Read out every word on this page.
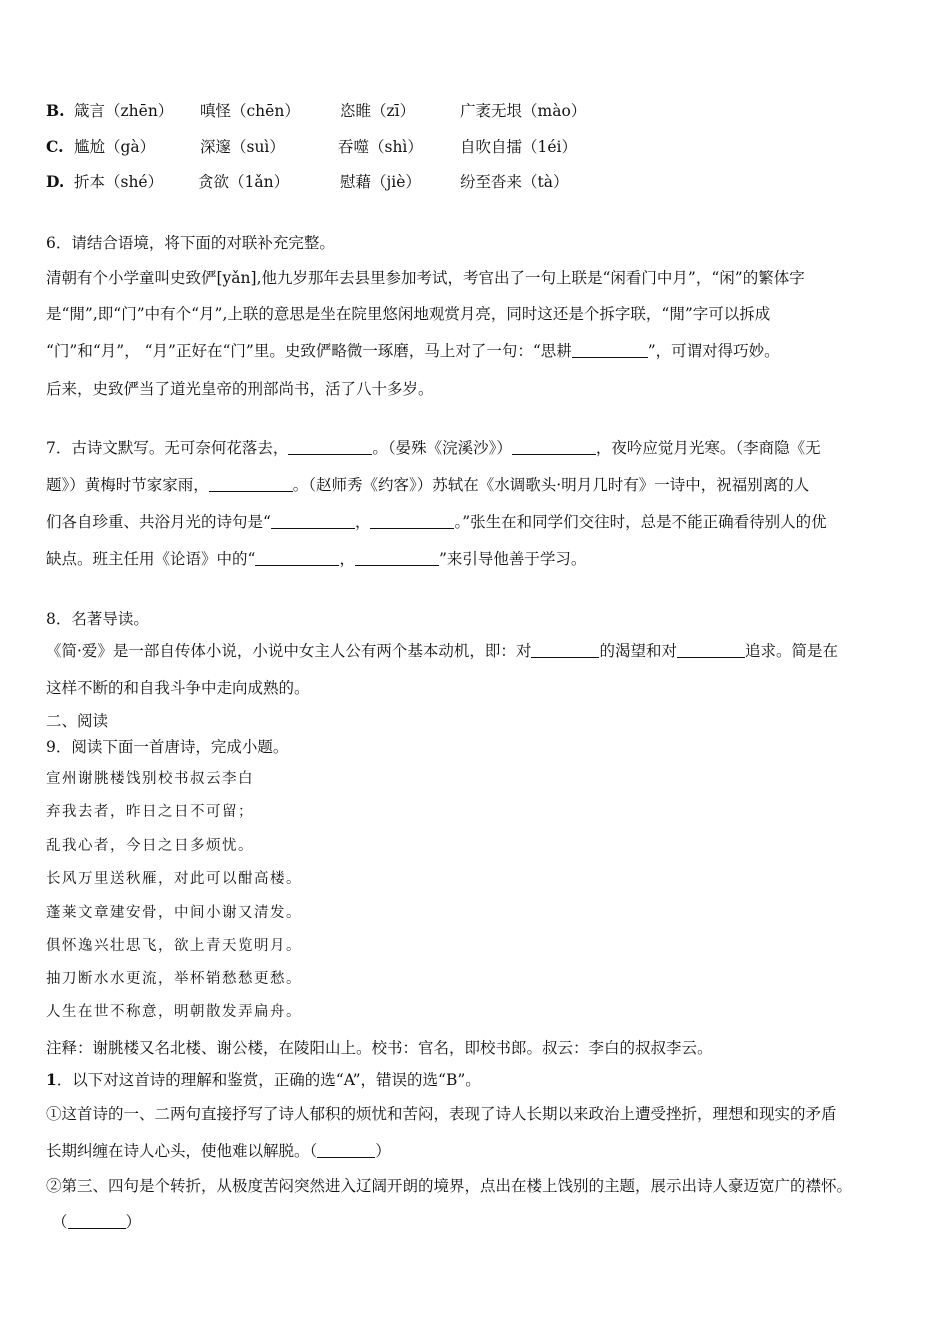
B. 箴言（zhēn） 嗔怪（chēn）	恣睢（zī）	广袤无垠（mào）
C. 尴尬（gà）	深邃（suì）	吞噬（shì） 自吹自擂（1éi）
D. 折本（shé） 贪欲（1ǎn）	慰藉（jiè）	纷至沓来（tà）
6．请结合语境，将下面的对联补充完整。
清朝有个小学童叫史致俨[yǎn],他九岁那年去县里参加考试，考官出了一句上联是“闲看门中月”，“闲”的繁体字
是“閒”,即“门”中有个“月”,上联的意思是坐在院里悠闲地观赏月亮，同时这还是个拆字联，“閒”字可以拆成
“门”和“月”， “月”正好在“门”里。史致俨略微一琢磨，马上对了一句：“思耕	”，可谓对得巧妙。
后来，史致俨当了道光皇帝的刑部尚书，活了八十多岁。
7．古诗文默写。无可奈何花落去，	。（晏殊《浣溪沙》）	，夜吟应觉月光寒。（李商隐《无
题》）黄梅时节家家雨，	。（赵师秀《约客》）苏轼在《水调歌头·明月几时有》一诗中，祝福别离的人
们各自珍重、共浴月光的诗句是“	，	。”张生在和同学们交往时，总是不能正确看待别人的优
缺点。班主任用《论语》中的“	，	”来引导他善于学习。
8．名著导读。
《简·爱》是一部自传体小说，小说中女主人公有两个基本动机，即：对	的渴望和对	追求。简是在
这样不断的和自我斗争中走向成熟的。
二、阅读
9．阅读下面一首唐诗，完成小题。
宣州谢朓楼饯别校书叔云李白
弃我去者，昨日之日不可留；
乱我心者，今日之日多烦忧。
长风万里送秋雁，对此可以酣高楼。
蓬莱文章建安骨，中间小谢又清发。
俱怀逸兴壮思飞，欲上青天览明月。
抽刀断水水更流，举杯销愁愁更愁。
人生在世不称意，明朝散发弄扁舟。
注释：谢朓楼又名北楼、谢公楼，在陵阳山上。校书：官名，即校书郎。叔云：李白的叔叔李云。
1．以下对这首诗的理解和鉴赏，正确的选“A”，错误的选“B”。
①这首诗的一、二两句直接抒写了诗人郁积的烦忧和苦闷，表现了诗人长期以来政治上遭受挫折，理想和现实的矛盾
长期纠缠在诗人心头，使他难以解脱。（	）
②第三、四句是个转折，从极度苦闷突然进入辽阔开朗的境界，点出在楼上饯别的主题，展示出诗人豪迈宽广的襟怀。
（	）
